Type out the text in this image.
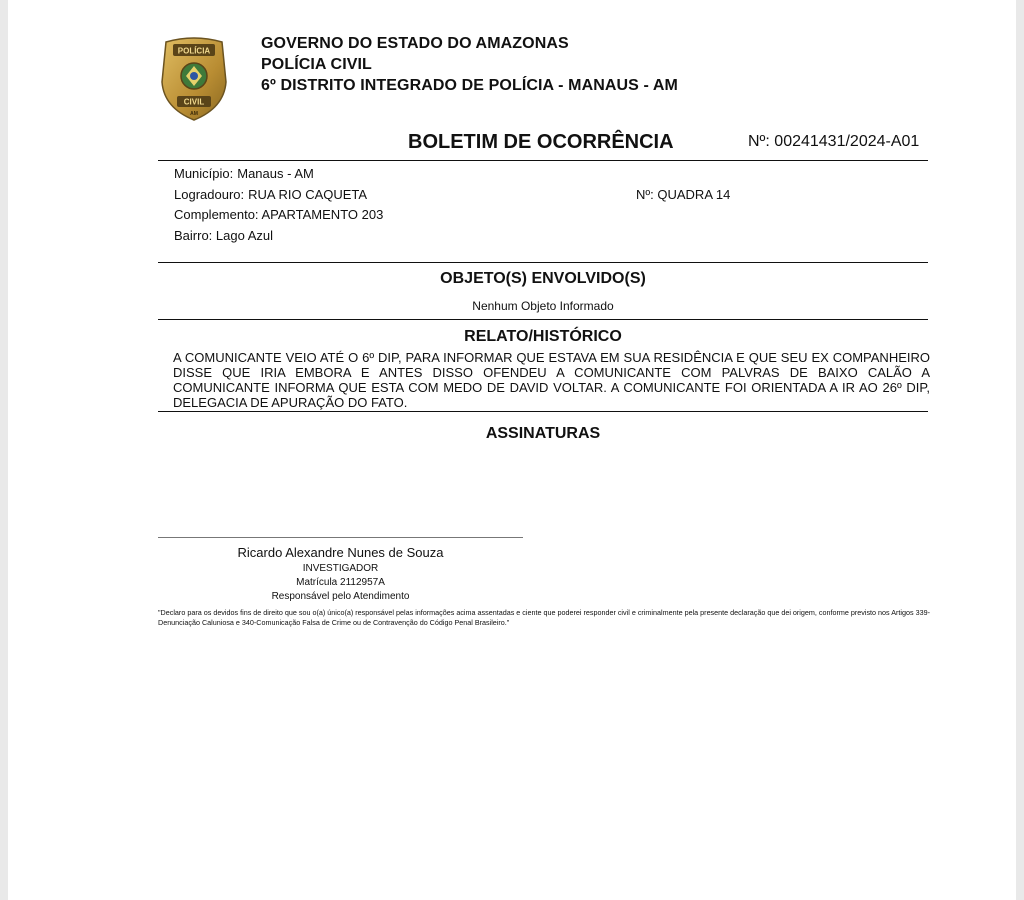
POLÍCIA
CIVIL
AM
GOVERNO DO ESTADO DO AMAZONAS
POLÍCIA CIVIL
6º DISTRITO INTEGRADO DE POLÍCIA - MANAUS - AM
BOLETIM DE OCORRÊNCIA	Nº: 00241431/2024-A01
Município: Manaus - AM
Logradouro: RUA RIO CAQUETA	Nº: QUADRA 14
Complemento: APARTAMENTO 203
Bairro: Lago Azul
OBJETO(S) ENVOLVIDO(S)
Nenhum Objeto Informado
RELATO/HISTÓRICO
A COMUNICANTE VEIO ATÉ O 6º DIP, PARA INFORMAR QUE ESTAVA EM SUA RESIDÊNCIA E QUE SEU EX COMPANHEIRO DISSE QUE IRIA EMBORA E ANTES DISSO OFENDEU A COMUNICANTE COM PALVRAS DE BAIXO CALÃO A COMUNICANTE INFORMA QUE ESTA COM MEDO DE DAVID VOLTAR. A COMUNICANTE FOI ORIENTADA A IR AO 26º DIP, DELEGACIA DE APURAÇÃO DO FATO.
ASSINATURAS
Ricardo Alexandre Nunes de Souza
INVESTIGADOR
Matrícula 2112957A
Responsável pelo Atendimento
"Declaro para os devidos fins de direito que sou o(a) único(a) responsável pelas informações acima assentadas e ciente que poderei responder civil e criminalmente pela presente declaração que dei origem, conforme previsto nos Artigos 339-Denunciação Caluniosa e 340-Comunicação Falsa de Crime ou de Contravenção do Código Penal Brasileiro."
